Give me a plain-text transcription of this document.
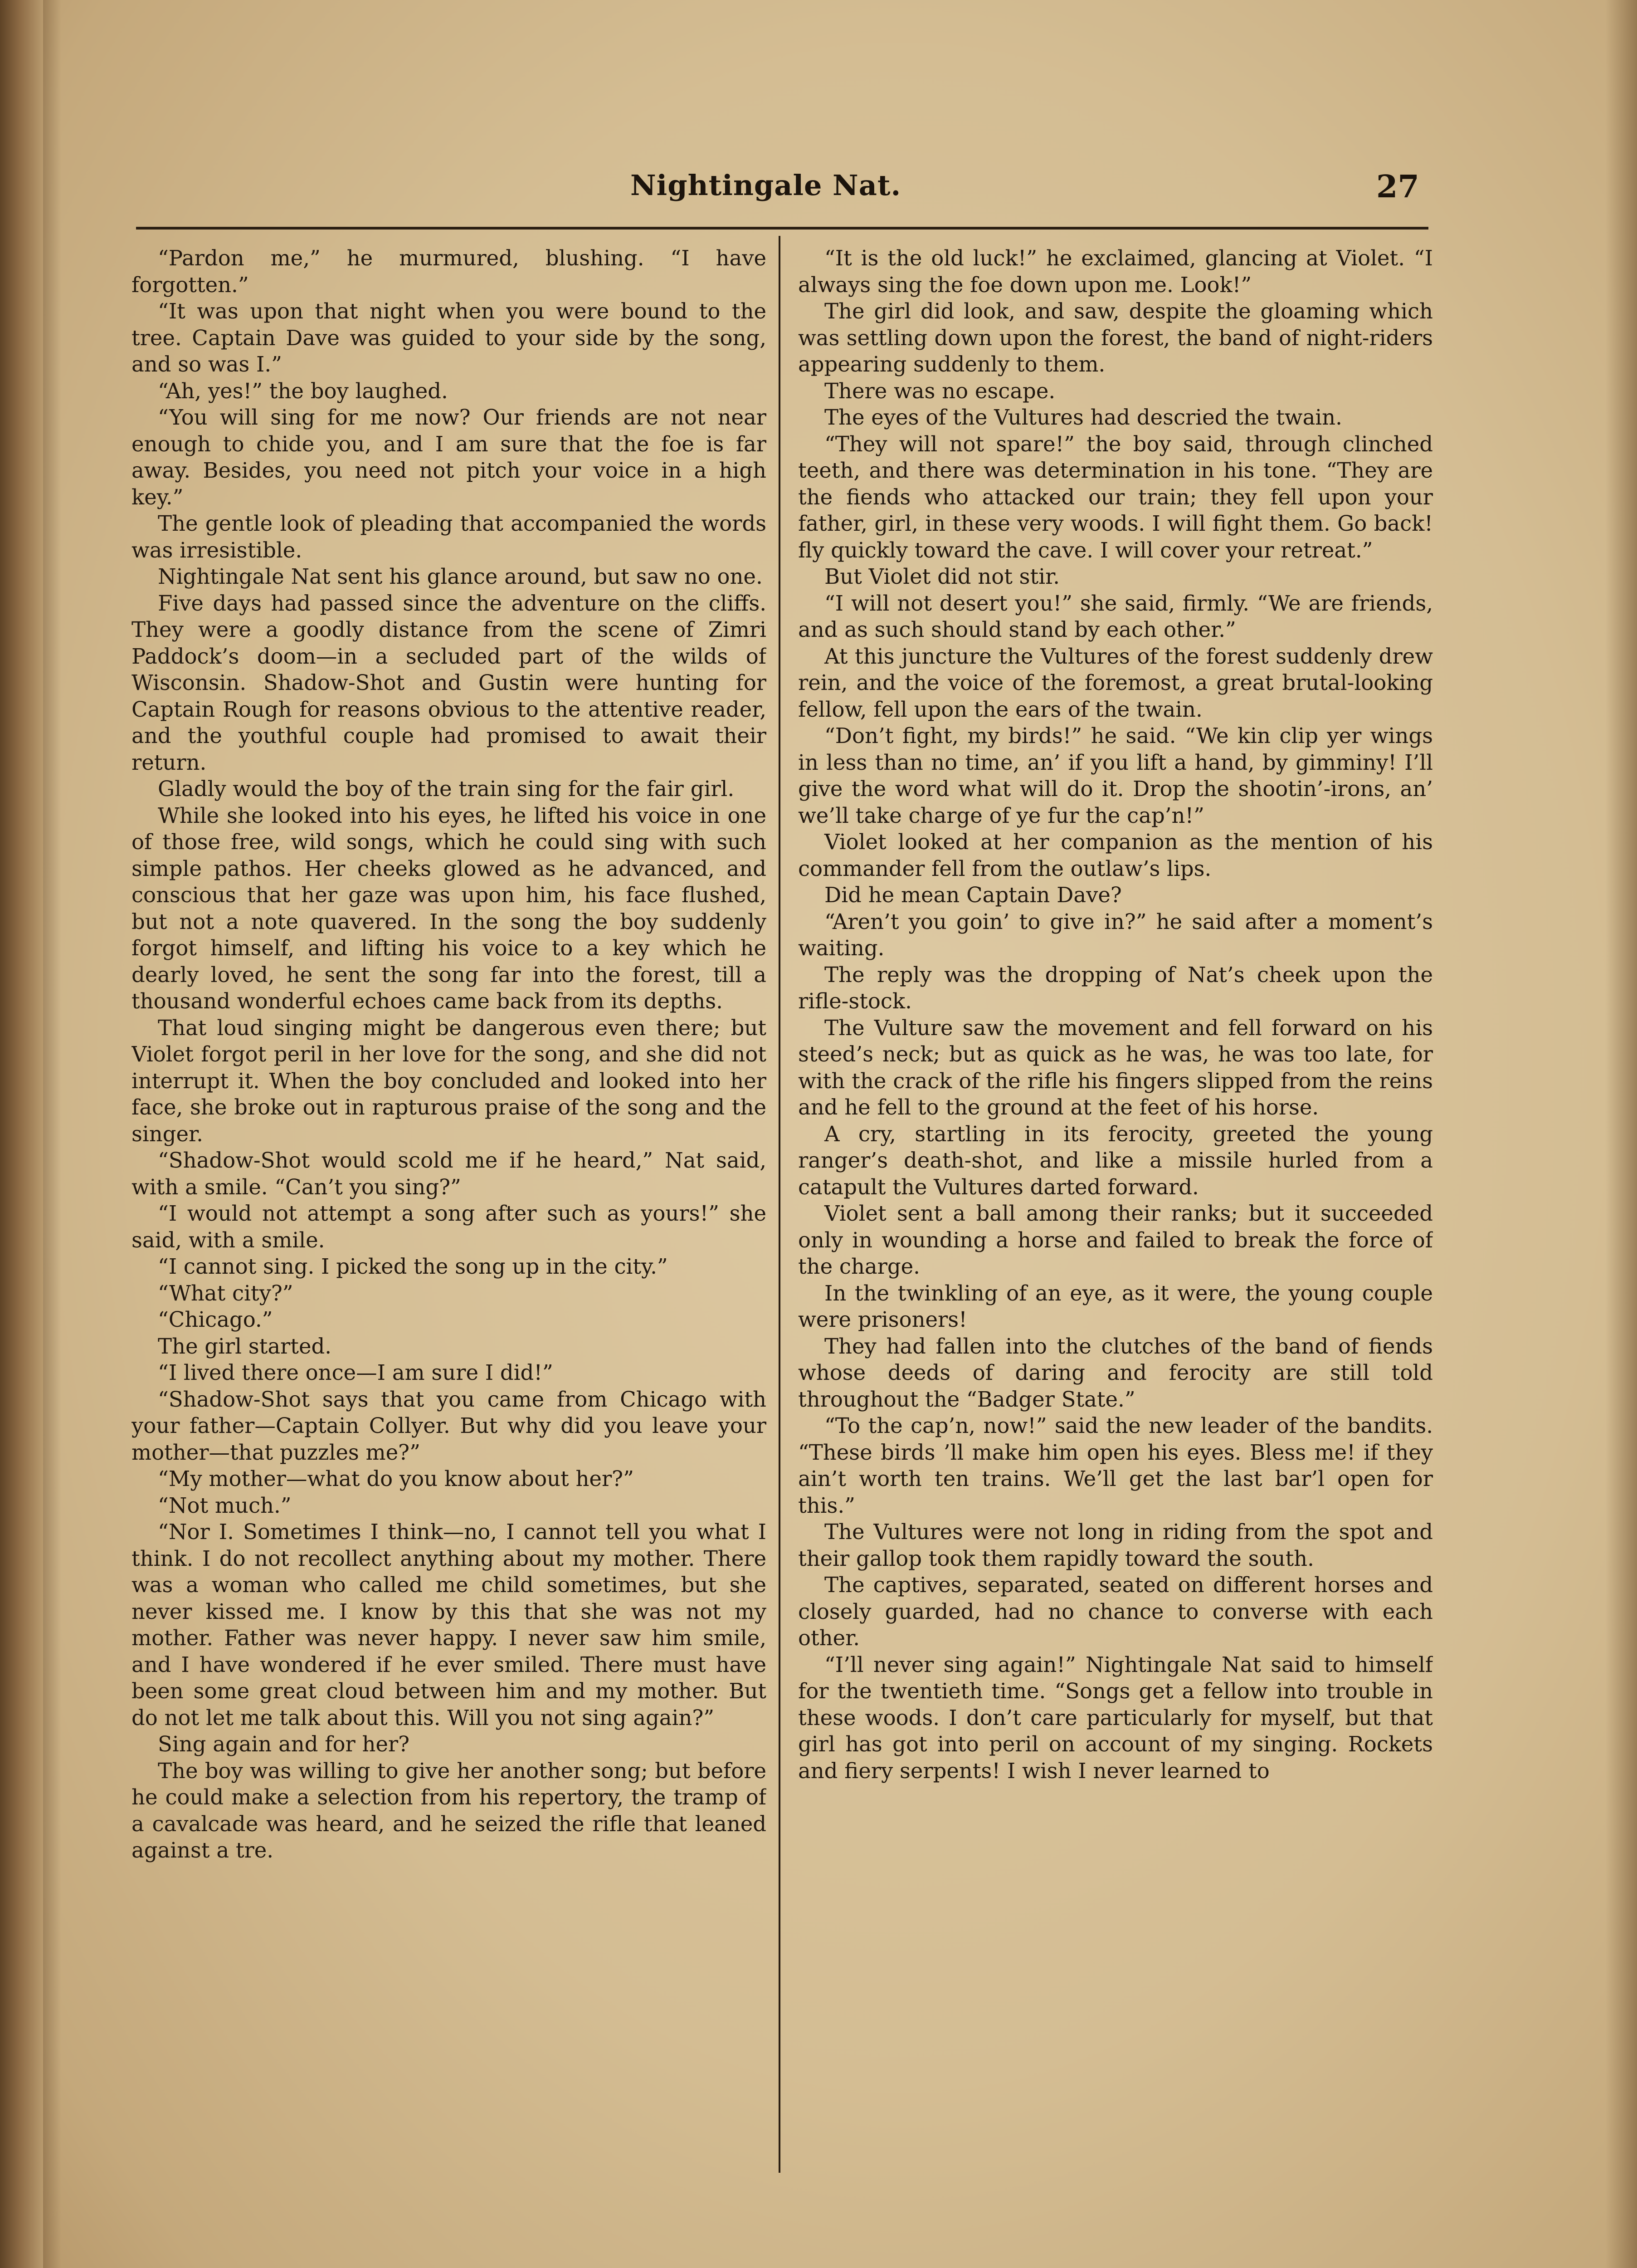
Nightingale Nat.	27

“Pardon me,” he murmured, blushing. “I have forgotten.”

“It was upon that night when you were bound to the tree. Captain Dave was guided to your side by the song, and so was I.”

“Ah, yes!” the boy laughed.

“You will sing for me now? Our friends are not near enough to chide you, and I am sure that the foe is far away. Besides, you need not pitch your voice in a high key.”

The gentle look of pleading that accompanied the words was irresistible.

Nightingale Nat sent his glance around, but saw no one.

Five days had passed since the adventure on the cliffs. They were a goodly distance from the scene of Zimri Paddock’s doom—in a secluded part of the wilds of Wisconsin. Shadow-Shot and Gustin were hunting for Captain Rough for reasons obvious to the attentive reader, and the youthful couple had promised to await their return.

Gladly would the boy of the train sing for the fair girl.

While she looked into his eyes, he lifted his voice in one of those free, wild songs, which he could sing with such simple pathos. Her cheeks glowed as he advanced, and conscious that her gaze was upon him, his face flushed, but not a note quavered. In the song the boy suddenly forgot himself, and lifting his voice to a key which he dearly loved, he sent the song far into the forest, till a thousand wonderful echoes came back from its depths.

That loud singing might be dangerous even there; but Violet forgot peril in her love for the song, and she did not interrupt it. When the boy concluded and looked into her face, she broke out in rapturous praise of the song and the singer.

“Shadow-Shot would scold me if he heard,” Nat said, with a smile. “Can’t you sing?”

“I would not attempt a song after such as yours!” she said, with a smile.

“I cannot sing. I picked the song up in the city.”

“What city?”

“Chicago.”

The girl started.

“I lived there once—I am sure I did!”

“Shadow-Shot says that you came from Chicago with your father—Captain Collyer. But why did you leave your mother—that puzzles me?”

“My mother—what do you know about her?”

“Not much.”

“Nor I. Sometimes I think—no, I cannot tell you what I think. I do not recollect anything about my mother. There was a woman who called me child sometimes, but she never kissed me. I know by this that she was not my mother. Father was never happy. I never saw him smile, and I have wondered if he ever smiled. There must have been some great cloud between him and my mother. But do not let me talk about this. Will you not sing again?”

Sing again and for her?

The boy was willing to give her another song; but before he could make a selection from his repertory, the tramp of a cavalcade was heard, and he seized the rifle that leaned against a tre.

“It is the old luck!” he exclaimed, glancing at Violet. “I always sing the foe down upon me. Look!”

The girl did look, and saw, despite the gloaming which was settling down upon the forest, the band of night-riders appearing suddenly to them.

There was no escape.

The eyes of the Vultures had descried the twain.

“They will not spare!” the boy said, through clinched teeth, and there was determination in his tone. “They are the fiends who attacked our train; they fell upon your father, girl, in these very woods. I will fight them. Go back! fly quickly toward the cave. I will cover your retreat.”

But Violet did not stir.

“I will not desert you!” she said, firmly. “We are friends, and as such should stand by each other.”

At this juncture the Vultures of the forest suddenly drew rein, and the voice of the foremost, a great brutal-looking fellow, fell upon the ears of the twain.

“Don’t fight, my birds!” he said. “We kin clip yer wings in less than no time, an’ if you lift a hand, by gimminy! I’ll give the word what will do it. Drop the shootin’-irons, an’ we’ll take charge of ye fur the cap’n!”

Violet looked at her companion as the mention of his commander fell from the outlaw’s lips.

Did he mean Captain Dave?

“Aren’t you goin’ to give in?” he said after a moment’s waiting.

The reply was the dropping of Nat’s cheek upon the rifle-stock.

The Vulture saw the movement and fell forward on his steed’s neck; but as quick as he was, he was too late, for with the crack of the rifle his fingers slipped from the reins and he fell to the ground at the feet of his horse.

A cry, startling in its ferocity, greeted the young ranger’s death-shot, and like a missile hurled from a catapult the Vultures darted forward.

Violet sent a ball among their ranks; but it succeeded only in wounding a horse and failed to break the force of the charge.

In the twinkling of an eye, as it were, the young couple were prisoners!

They had fallen into the clutches of the band of fiends whose deeds of daring and ferocity are still told throughout the “Badger State.”

“To the cap’n, now!” said the new leader of the bandits. “These birds ’ll make him open his eyes. Bless me! if they ain’t worth ten trains. We’ll get the last bar’l open for this.”

The Vultures were not long in riding from the spot and their gallop took them rapidly toward the south.

The captives, separated, seated on different horses and closely guarded, had no chance to converse with each other.

“I’ll never sing again!” Nightingale Nat said to himself for the twentieth time. “Songs get a fellow into trouble in these woods. I don’t care particularly for myself, but that girl has got into peril on account of my singing. Rockets and fiery serpents! I wish I never learned to
